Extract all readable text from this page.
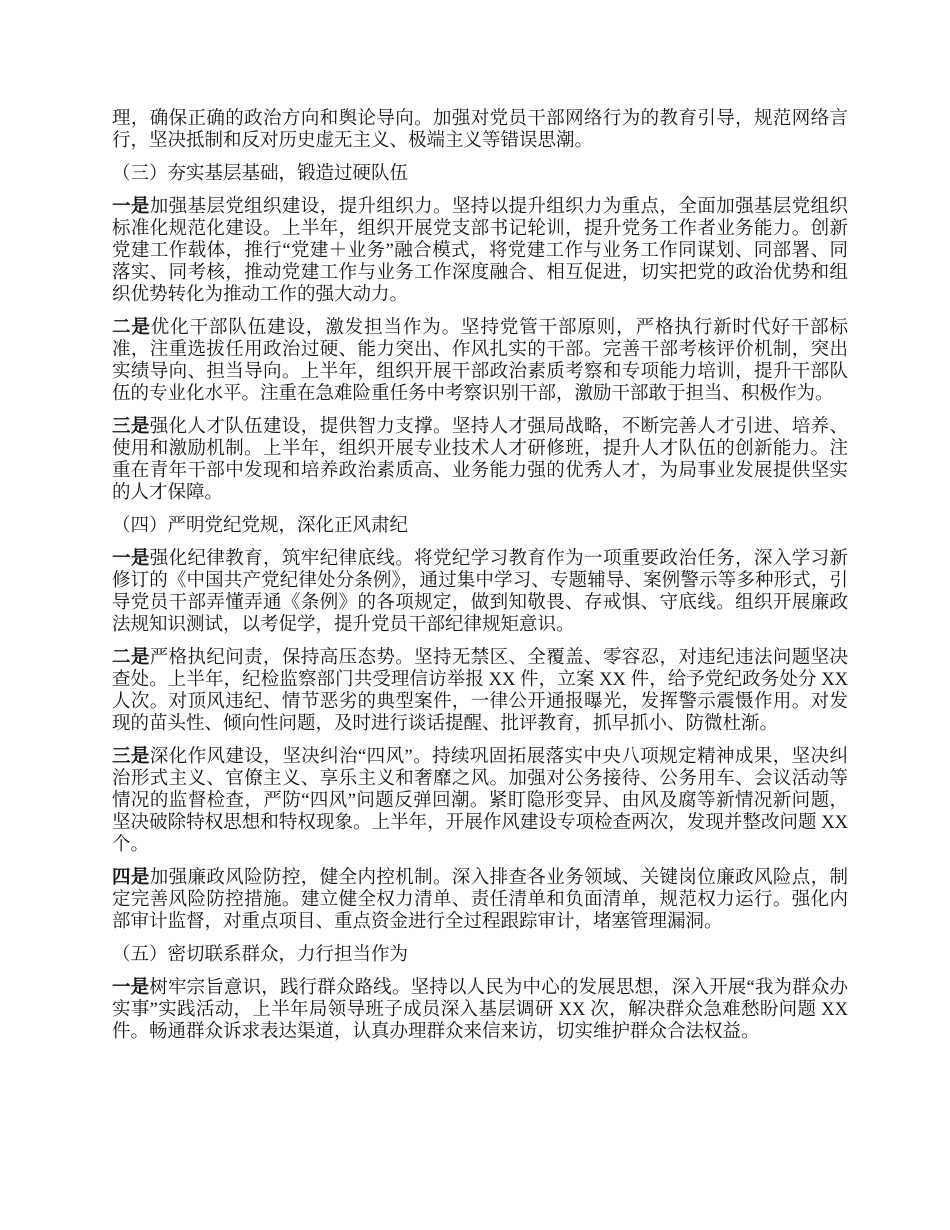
理，确保正确的政治方向和舆论导向。加强对党员干部网络行为的教育引导，规范网络言行，坚决抵制和反对历史虚无主义、极端主义等错误思潮。

（三）夯实基层基础，锻造过硬队伍

一是加强基层党组织建设，提升组织力。坚持以提升组织力为重点，全面加强基层党组织标准化规范化建设。上半年，组织开展党支部书记轮训，提升党务工作者业务能力。创新党建工作载体，推行“党建＋业务”融合模式，将党建工作与业务工作同谋划、同部署、同落实、同考核，推动党建工作与业务工作深度融合、相互促进，切实把党的政治优势和组织优势转化为推动工作的强大动力。

二是优化干部队伍建设，激发担当作为。坚持党管干部原则，严格执行新时代好干部标准，注重选拔任用政治过硬、能力突出、作风扎实的干部。完善干部考核评价机制，突出实绩导向、担当导向。上半年，组织开展干部政治素质考察和专项能力培训，提升干部队伍的专业化水平。注重在急难险重任务中考察识别干部，激励干部敢于担当、积极作为。

三是强化人才队伍建设，提供智力支撑。坚持人才强局战略，不断完善人才引进、培养、使用和激励机制。上半年，组织开展专业技术人才研修班，提升人才队伍的创新能力。注重在青年干部中发现和培养政治素质高、业务能力强的优秀人才，为局事业发展提供坚实的人才保障。

（四）严明党纪党规，深化正风肃纪

一是强化纪律教育，筑牢纪律底线。将党纪学习教育作为一项重要政治任务，深入学习新修订的《中国共产党纪律处分条例》，通过集中学习、专题辅导、案例警示等多种形式，引导党员干部弄懂弄通《条例》的各项规定，做到知敬畏、存戒惧、守底线。组织开展廉政法规知识测试，以考促学，提升党员干部纪律规矩意识。

二是严格执纪问责，保持高压态势。坚持无禁区、全覆盖、零容忍，对违纪违法问题坚决查处。上半年，纪检监察部门共受理信访举报 XX 件，立案 XX 件，给予党纪政务处分 XX 人次。对顶风违纪、情节恶劣的典型案件，一律公开通报曝光，发挥警示震慑作用。对发现的苗头性、倾向性问题，及时进行谈话提醒、批评教育，抓早抓小、防微杜渐。

三是深化作风建设，坚决纠治“四风”。持续巩固拓展落实中央八项规定精神成果，坚决纠治形式主义、官僚主义、享乐主义和奢靡之风。加强对公务接待、公务用车、会议活动等情况的监督检查，严防“四风”问题反弹回潮。紧盯隐形变异、由风及腐等新情况新问题，坚决破除特权思想和特权现象。上半年，开展作风建设专项检查两次，发现并整改问题 XX 个。

四是加强廉政风险防控，健全内控机制。深入排查各业务领域、关键岗位廉政风险点，制定完善风险防控措施。建立健全权力清单、责任清单和负面清单，规范权力运行。强化内部审计监督，对重点项目、重点资金进行全过程跟踪审计，堵塞管理漏洞。

（五）密切联系群众，力行担当作为

一是树牢宗旨意识，践行群众路线。坚持以人民为中心的发展思想，深入开展“我为群众办实事”实践活动，上半年局领导班子成员深入基层调研 XX 次，解决群众急难愁盼问题 XX 件。畅通群众诉求表达渠道，认真办理群众来信来访，切实维护群众合法权益。
